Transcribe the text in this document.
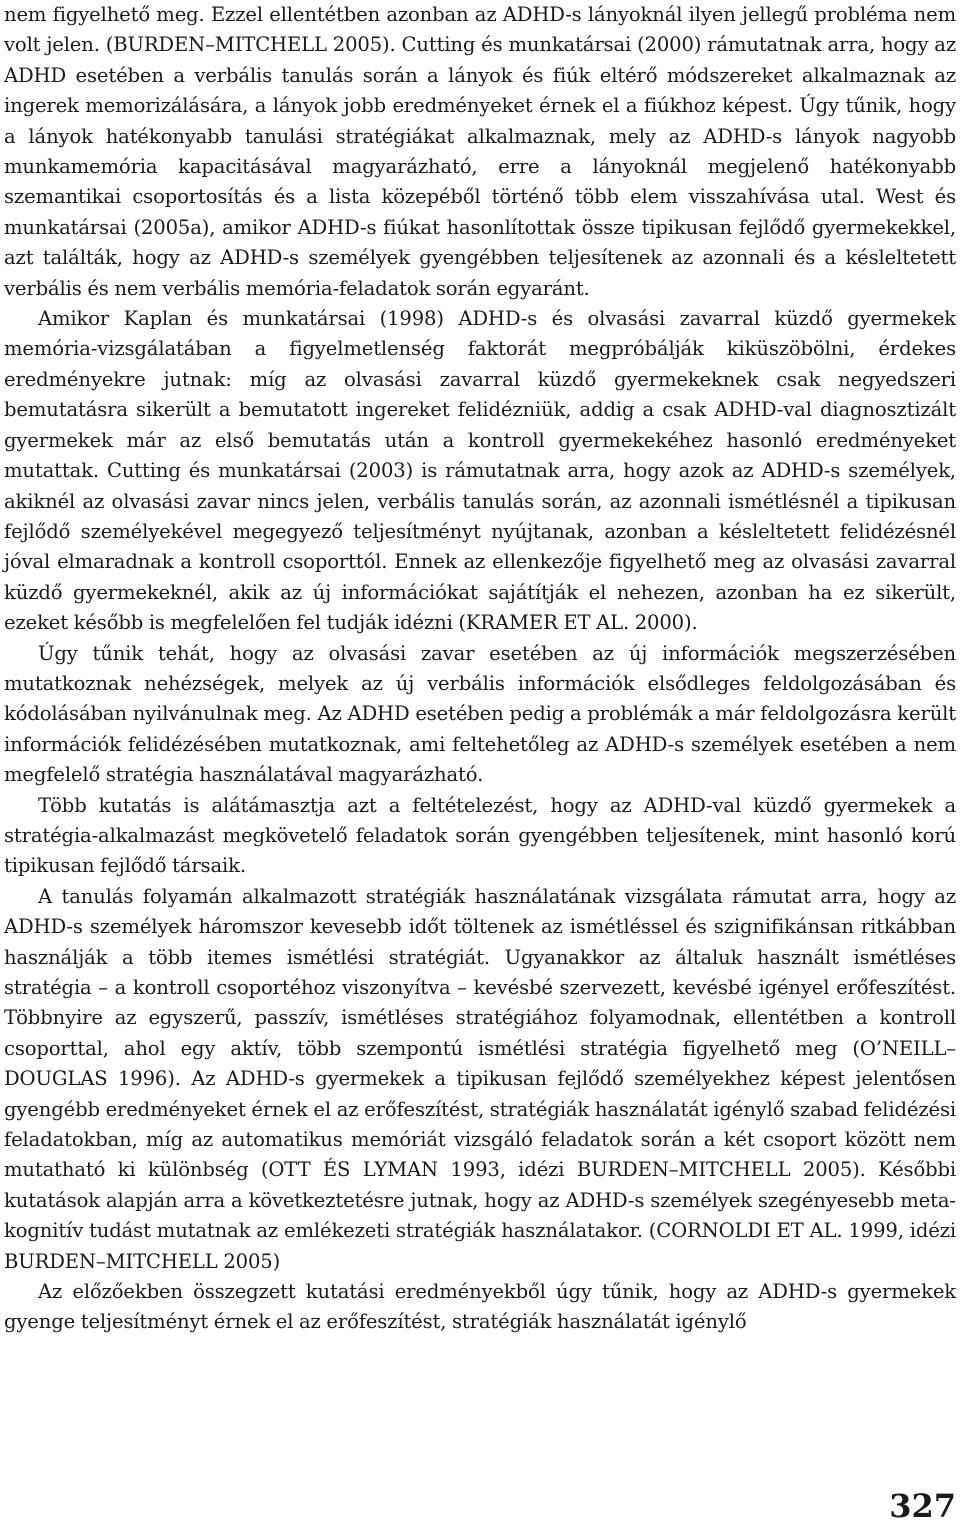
nem figyelhető meg. Ezzel ellentétben azonban az ADHD-s lányoknál ilyen jellegű probléma nem volt jelen. (BURDEN–MITCHELL 2005). Cutting és munkatársai (2000) rámutatnak arra, hogy az ADHD esetében a verbális tanulás során a lányok és fiúk eltérő módszereket alkalmaznak az ingerek memorizálására, a lányok jobb eredményeket érnek el a fiúkhoz képest. Úgy tűnik, hogy a lányok hatékonyabb tanulási stratégiákat alkalmaznak, mely az ADHD-s lányok nagyobb munkamemória kapacitásával magyarázható, erre a lányoknál megjelenő hatékonyabb szemantikai csoportosítás és a lista közepéből történő több elem visszahívása utal. West és munkatársai (2005a), amikor ADHD-s fiúkat hasonlítottak össze tipikusan fejlődő gyermekekkel, azt találták, hogy az ADHD-s személyek gyengébben teljesítenek az azonnali és a késleltetett verbális és nem verbális memória-feladatok során egyaránt.

Amikor Kaplan és munkatársai (1998) ADHD-s és olvasási zavarral küzdő gyermekek memória-vizsgálatában a figyelmetlenség faktorát megpróbálják kiküszöbölni, érdekes eredményekre jutnak: míg az olvasási zavarral küzdő gyermekeknek csak negyedszeri bemutatásra sikerült a bemutatott ingereket felidézniük, addig a csak ADHD-val diagnosztizált gyermekek már az első bemutatás után a kontroll gyermekekéhez hasonló eredményeket mutattak. Cutting és munkatársai (2003) is rámutatnak arra, hogy azok az ADHD-s személyek, akiknél az olvasási zavar nincs jelen, verbális tanulás során, az azonnali ismétlésnél a tipikusan fejlődő személyekével megegyező teljesítményt nyújtanak, azonban a késleltetett felidézésnél jóval elmaradnak a kontroll csoporttól. Ennek az ellenkezője figyelhető meg az olvasási zavarral küzdő gyermekeknél, akik az új információkat sajátítják el nehezen, azonban ha ez sikerült, ezeket később is megfelelően fel tudják idézni (KRAMER ET AL. 2000).

Úgy tűnik tehát, hogy az olvasási zavar esetében az új információk megszerzésében mutatkoznak nehézségek, melyek az új verbális információk elsődleges feldolgozásában és kódolásában nyilvánulnak meg. Az ADHD esetében pedig a problémák a már feldolgozásra került információk felidézésében mutatkoznak, ami feltehetőleg az ADHD-s személyek esetében a nem megfelelő stratégia használatával magyarázható.

Több kutatás is alátámasztja azt a feltételezést, hogy az ADHD-val küzdő gyermekek a stratégia-alkalmazást megkövetelő feladatok során gyengébben teljesítenek, mint hasonló korú tipikusan fejlődő társaik.

A tanulás folyamán alkalmazott stratégiák használatának vizsgálata rámutat arra, hogy az ADHD-s személyek háromszor kevesebb időt töltenek az ismétléssel és szignifikánsan ritkábban használják a több itemes ismétlési stratégiát. Ugyanakkor az általuk használt ismétléses stratégia – a kontroll csoportéhoz viszonyítva – kevésbé szervezett, kevésbé igényel erőfeszítést. Többnyire az egyszerű, passzív, ismétléses stratégiához folyamodnak, ellentétben a kontroll csoporttal, ahol egy aktív, több szempontú ismétlési stratégia figyelhető meg (O’NEILL–DOUGLAS 1996). Az ADHD-s gyermekek a tipikusan fejlődő személyekhez képest jelentősen gyengébb eredményeket érnek el az erőfeszítést, stratégiák használatát igénylő szabad felidézési feladatokban, míg az automatikus memóriát vizsgáló feladatok során a két csoport között nem mutatható ki különbség (OTT ÉS LYMAN 1993, idézi BURDEN–MITCHELL 2005). Későbbi kutatások alapján arra a következtetésre jutnak, hogy az ADHD-s személyek szegényesebb metakognitív tudást mutatnak az emlékezeti stratégiák használatakor. (CORNOLDI ET AL. 1999, idézi BURDEN–MITCHELL 2005)

Az előzőekben összegzett kutatási eredményekből úgy tűnik, hogy az ADHD-s gyermekek gyenge teljesítményt érnek el az erőfeszítést, stratégiák használatát igénylő

327
